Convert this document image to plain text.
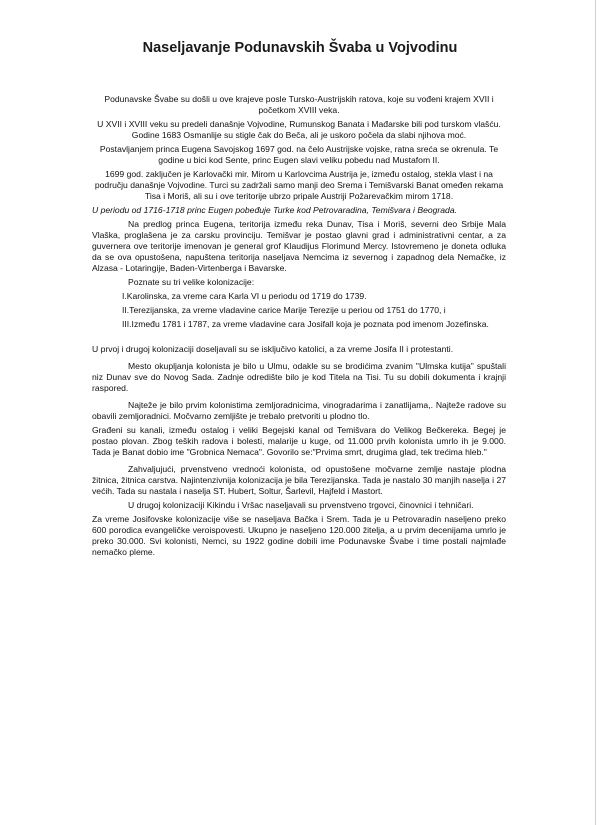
Naseljavanje Podunavskih Švaba u Vojvodinu

Podunavske Švabe su došli u ove krajeve posle Tursko-Austrijskih ratova, koje su vođeni krajem XVII i početkom XVIII veka.

U XVII i XVIII veku su predeli današnje Vojvodine, Rumunskog Banata i Mađarske bili pod turskom vlašću. Godine 1683 Osmanlije su stigle čak do Beča, ali je uskoro počela da slabi njihova moć.

Postavljanjem princa Eugena Savojskog 1697 god. na čelo Austrijske vojske, ratna sreća se okrenula. Te godine u bici kod Sente, princ Eugen slavi veliku pobedu nad Mustafom II.

1699 god. zaključen je Karlovački mir. Mirom u Karlovcima Austrija je, između ostalog, stekla vlast i na području današnje Vojvodine. Turci su zadržali samo manji deo Srema i Temišvarski Banat omeđen rekama Tisa i Moriš, ali su i ove teritorije ubrzo pripale Austriji Požarevačkim mirom 1718.

U periodu od 1716-1718 princ Eugen pobeđuje Turke kod Petrovaradina, Temišvara i Beograda.

Na predlog princa Eugena, teritorija između reka Dunav, Tisa i Moriš, severni deo Srbije Mala Vlaška, proglašena je za carsku provinciju. Temišvar je postao glavni grad i administrativni centar, a za guvernera ove teritorije imenovan je general grof Klaudijus Florimund Mercy. Istovremeno je doneta odluka da se ova opustošena, napuštena teritorija naseljava Nemcima iz severnog i zapadnog dela Nemačke, iz Alzasa - Lotaringije, Baden-Virtenberga i Bavarske.

Poznate su tri velike kolonizacije:

I.Karolinska, za vreme cara Karla VI u periodu od 1719 do 1739.

II.Terezijanska, za vreme vladavine carice Marije Terezije u periou od 1751 do 1770, i

III.Između 1781 i 1787, za vreme vladavine cara Josifall koja je poznata pod imenom Jozefinska.

U prvoj i drugoj kolonizaciji doseljavali su se isključivo katolici, a za vreme Josifa II i protestanti.

Mesto okupljanja kolonista je bilo u Ulmu, odakle su se brodićima zvanim "Ulmska kutija" spuštali niz Dunav sve do Novog Sada. Zadnje odredište bilo je kod Titela na Tisi. Tu su dobili dokumenta i krajnji raspored.

Najteže je bilo prvim kolonistima zemljoradnicima, vinogradarima i zanatlijama,. Najteže radove su obavili zemljoradnici. Močvarno zemljište je trebalo pretvoriti u plodno tlo.

Građeni su kanali, između ostalog i veliki Begejski kanal od Temišvara do Velikog Bečkereka. Begej je postao plovan. Zbog teških radova i bolesti, malarije u kuge, od 11.000 prvih kolonista umrlo ih je 9.000. Tada je Banat dobio ime "Grobnica Nemaca". Govorilo se:"Prvima smrt, drugima glad, tek trećima hleb."

Zahvaljujući, prvenstveno vrednoći kolonista, od opustošene močvarne zemlje nastaje plodna žitnica, žitnica carstva. Najintenzivnija kolonizacija je bila Terezijanska. Tada je nastalo 30 manjih naselja i 27 većih. Tada su nastala i naselja ST. Hubert, Soltur, Šarlevil, Hajfeld i Mastort.

U drugoj kolonizaciji Kikindu i Vršac naseljavali su prvenstveno trgovci, činovnici i tehničari.

Za vreme Josifovske kolonizacije više se naseljava Bačka i Srem. Tada je u Petrovaradin naseljeno preko 600 porodica evangeličke veroispovesti. Ukupno je naseljeno 120.000 žitelja, a u prvim decenijama umrlo je preko 30.000. Svi kolonisti, Nemci, su 1922 godine dobili ime Podunavske Švabe i time postali najmlađe nemačko pleme.
